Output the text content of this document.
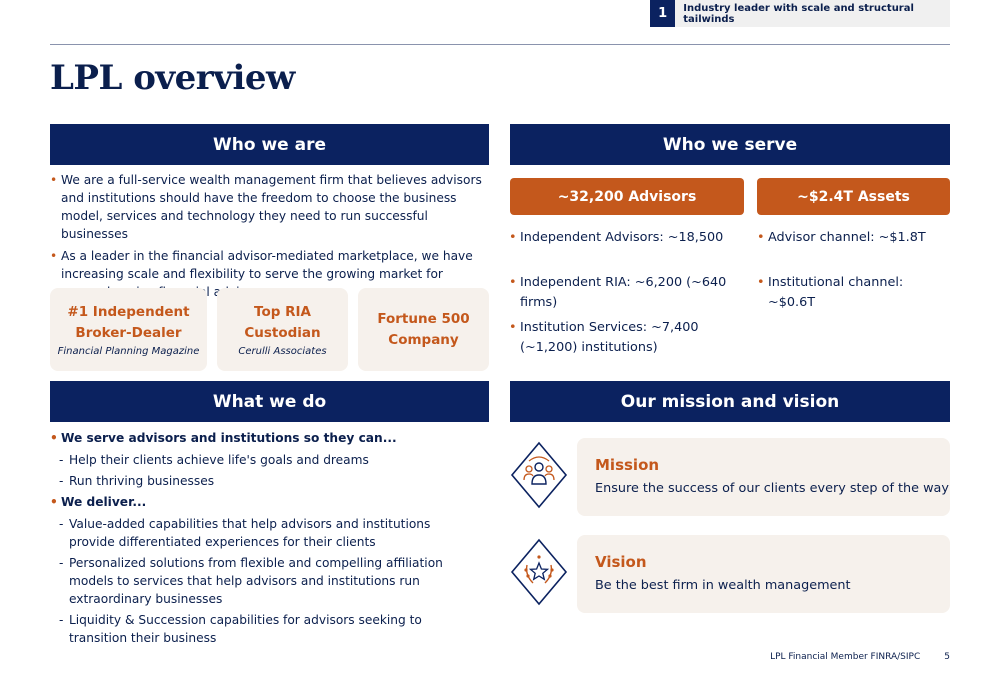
1	Industry leader with scale and structural tailwinds
LPL overview
Who we are
• We are a full-service wealth management firm that believes advisors and institutions should have the freedom to choose the business model, services and technology they need to run successful businesses
• As a leader in the financial advisor-mediated marketplace, we have increasing scale and flexibility to serve the growing market for
#1 Independent
Broker-Dealer
Financial Planning Magazine
Top RIA
Custodian
Cerulli Associates
Fortune 500
Company
Who we serve
~32,200 Advisors	~$2.4T Assets
• Independent Advisors: ~18,500
• Independent RIA: ~6,200 (~640 firms)
• Institution Services: ~7,400 (~1,200) institutions)
• Advisor channel: ~$1.8T
• Institutional channel: ~$0.6T
What we do
• We serve advisors and institutions so they can...
- Help their clients achieve life's goals and dreams
- Run thriving businesses
• We deliver...
- Value-added capabilities that help advisors and institutions provide differentiated experiences for their clients
- Personalized solutions from flexible and compelling affiliation models to services that help advisors and institutions run extraordinary businesses
- Liquidity & Succession capabilities for advisors seeking to transition their business
Our mission and vision
Mission
Ensure the success of our clients every step of the way
Vision
Be the best firm in wealth management
LPL Financial Member FINRA/SIPC	5
